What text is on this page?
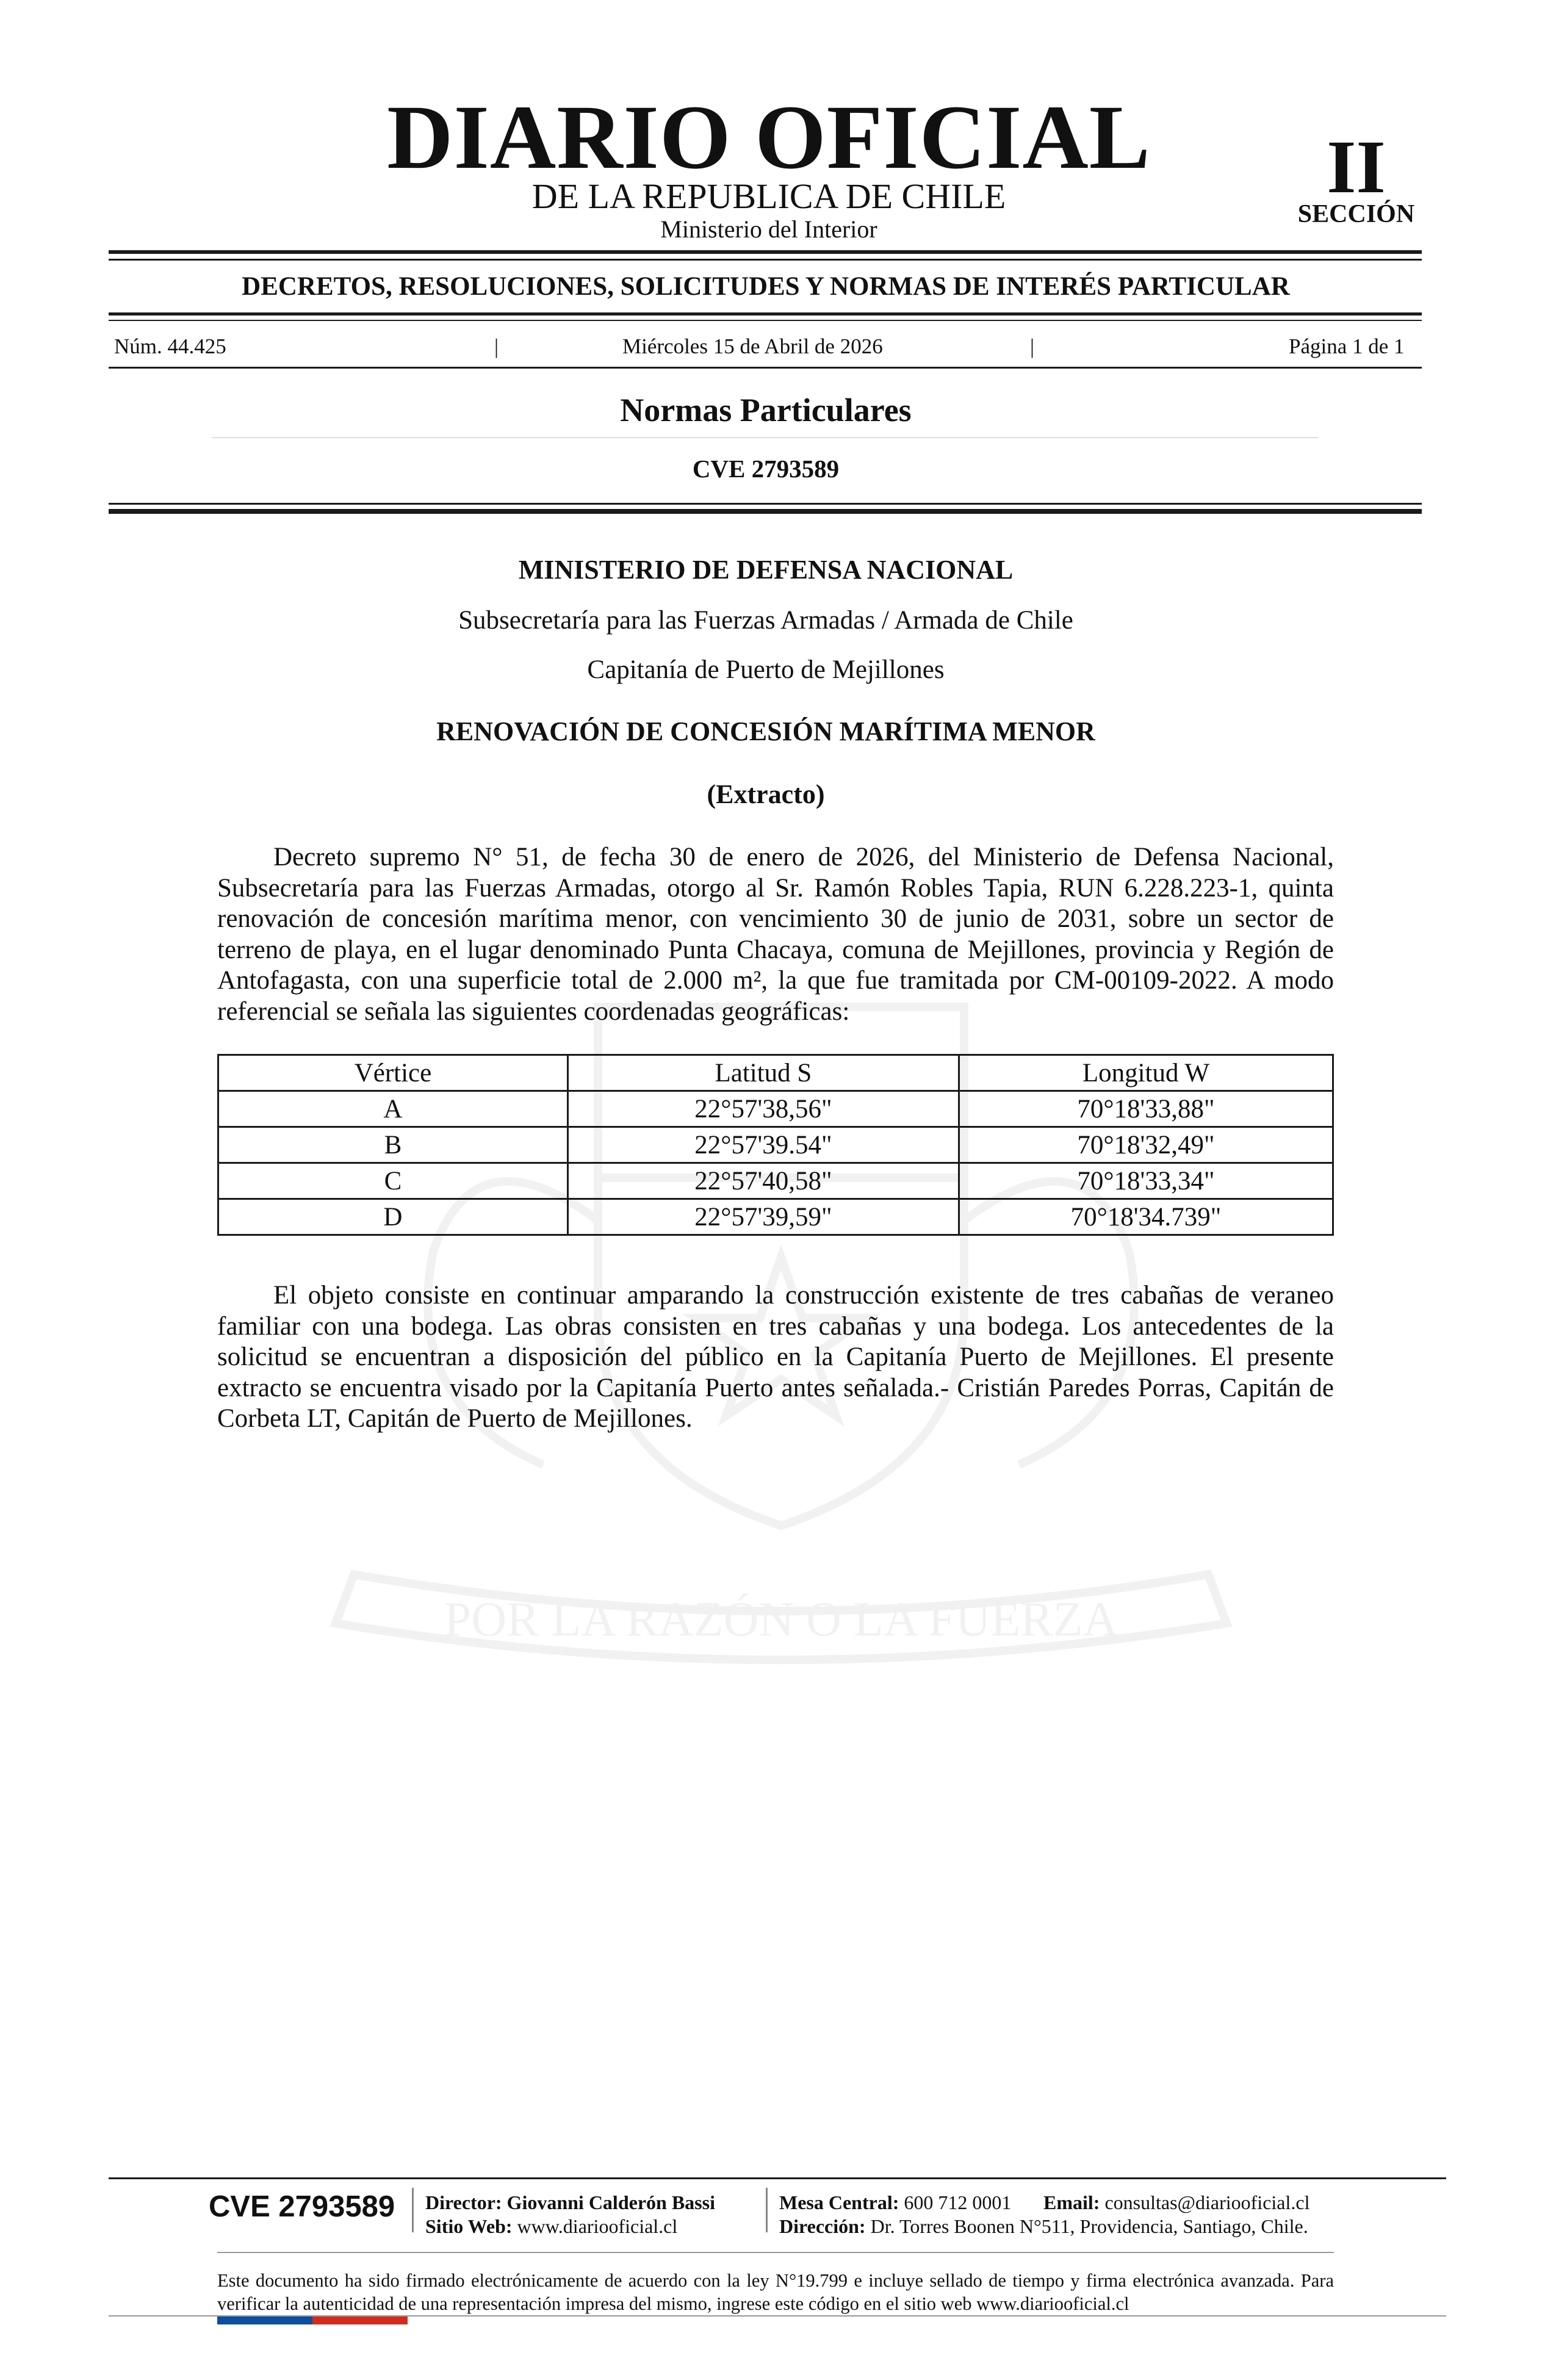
POR LA RAZÓN O LA FUERZA
DIARIO OFICIAL
DE LA REPUBLICA DE CHILE
Ministerio del Interior
II
SECCIÓN
DECRETOS, RESOLUCIONES, SOLICITUDES Y NORMAS DE INTERÉS PARTICULAR
Núm. 44.425	|	Miércoles 15 de Abril de 2026	|	Página 1 de 1
Normas Particulares
CVE 2793589
MINISTERIO DE DEFENSA NACIONAL
Subsecretaría para las Fuerzas Armadas / Armada de Chile
Capitanía de Puerto de Mejillones
RENOVACIÓN DE CONCESIÓN MARÍTIMA MENOR
(Extracto)

Decreto supremo N° 51, de fecha 30 de enero de 2026, del Ministerio de Defensa Nacional, Subsecretaría para las Fuerzas Armadas, otorgo al Sr. Ramón Robles Tapia, RUN 6.228.223-1, quinta renovación de concesión marítima menor, con vencimiento 30 de junio de 2031, sobre un sector de terreno de playa, en el lugar denominado Punta Chacaya, comuna de Mejillones, provincia y Región de Antofagasta, con una superficie total de 2.000 m², la que fue tramitada por CM-00109-2022. A modo referencial se señala las siguientes coordenadas geográficas:

Vértice	Latitud S	Longitud W
A	22°57'38,56"	70°18'33,88"
B	22°57'39.54"	70°18'32,49"
C	22°57'40,58"	70°18'33,34"
D	22°57'39,59"	70°18'34.739"

El objeto consiste en continuar amparando la construcción existente de tres cabañas de veraneo familiar con una bodega. Las obras consisten en tres cabañas y una bodega. Los antecedentes de la solicitud se encuentran a disposición del público en la Capitanía Puerto de Mejillones. El presente extracto se encuentra visado por la Capitanía Puerto antes señalada.- Cristián Paredes Porras, Capitán de Corbeta LT, Capitán de Puerto de Mejillones.

CVE 2793589 Director: Giovanni Calderón Bassi
Sitio Web: www.diariooficial.cl
Mesa Central: 600 712 0001 Email: consultas@diariooficial.cl
Dirección: Dr. Torres Boonen N°511, Providencia, Santiago, Chile.

Este documento ha sido firmado electrónicamente de acuerdo con la ley N°19.799 e incluye sellado de tiempo y firma electrónica avanzada. Para verificar la autenticidad de una representación impresa del mismo, ingrese este código en el sitio web www.diariooficial.cl
